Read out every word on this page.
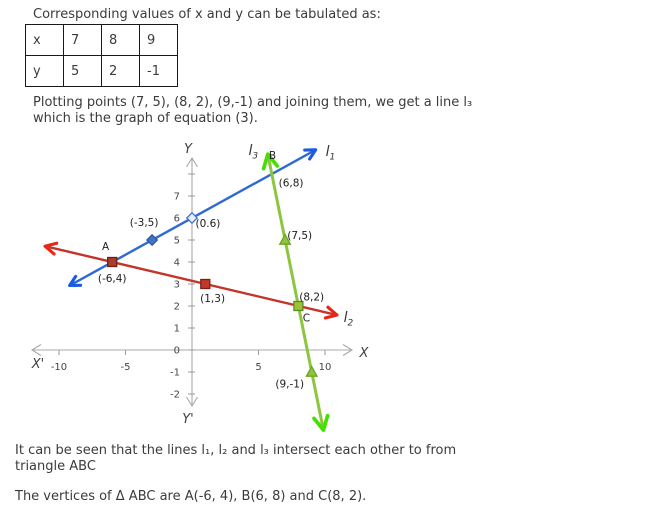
Corresponding values of x and y can be tabulated as:

x	7	8	9
y	5	2	-1

Plotting points (7, 5), (8, 2), (9,-1) and joining them, we get a line l₃
which is the graph of equation (3).

-10	-5	5	10
-2
-1
0
1
2
3
4
5
6
7
X
X'
Y
Y'
(-3,5)	(0.6)
(6,8)
(7,5)
(8,2)
(1,3)
(-6,4)
(9,-1)
A
B
C
$l_1$
$l_2$
$l_3$

It can be seen that the lines l₁, l₂ and l₃ intersect each other to from
triangle ABC

The vertices of Δ ABC are A(-6, 4), B(6, 8) and C(8, 2).
